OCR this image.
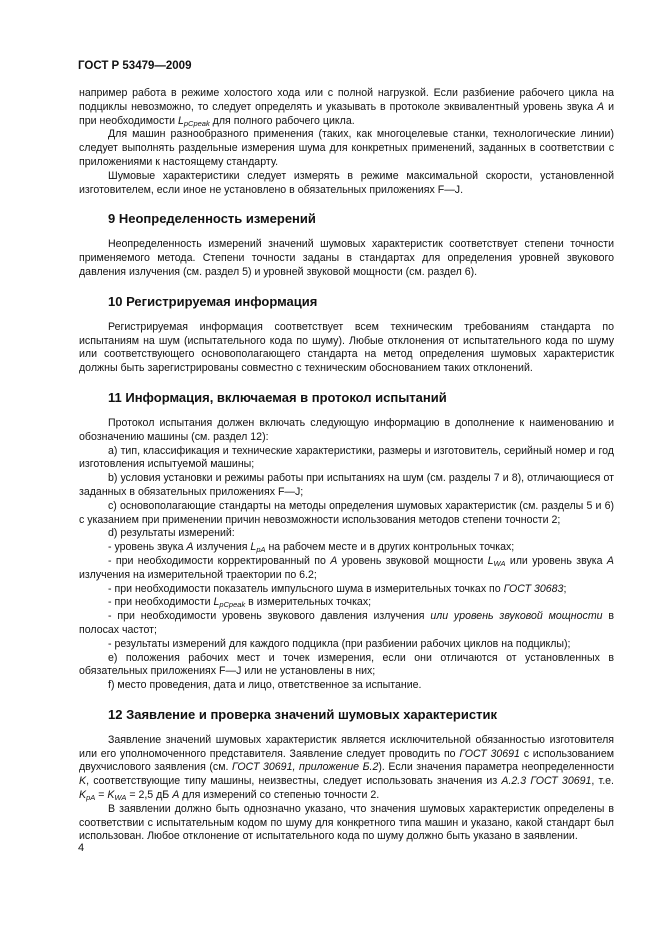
ГОСТ Р 53479—2009

например работа в режиме холостого хода или с полной нагрузкой. Если разбиение рабочего цикла на подциклы невозможно, то следует определять и указывать в протоколе эквивалентный уровень звука A и при необходимости $L_{pCpeak}$ для полного рабочего цикла.

Для машин разнообразного применения (таких, как многоцелевые станки, технологические линии) следует выполнять раздельные измерения шума для конкретных применений, заданных в соответствии с приложениями к настоящему стандарту.

Шумовые характеристики следует измерять в режиме максимальной скорости, установленной изготовителем, если иное не установлено в обязательных приложениях F—J.

9 Неопределенность измерений

Неопределенность измерений значений шумовых характеристик соответствует степени точности применяемого метода. Степени точности заданы в стандартах для определения уровней звукового давления излучения (см. раздел 5) и уровней звуковой мощности (см. раздел 6).

10 Регистрируемая информация

Регистрируемая информация соответствует всем техническим требованиям стандарта по испытаниям на шум (испытательного кода по шуму). Любые отклонения от испытательного кода по шуму или соответствующего основополагающего стандарта на метод определения шумовых характеристик должны быть зарегистрированы совместно с техническим обоснованием таких отклонений.

11 Информация, включаемая в протокол испытаний

Протокол испытания должен включать следующую информацию в дополнение к наименованию и обозначению машины (см. раздел 12):

а) тип, классификация и технические характеристики, размеры и изготовитель, серийный номер и год изготовления испытуемой машины;

b) условия установки и режимы работы при испытаниях на шум (см. разделы 7 и 8), отличающиеся от заданных в обязательных приложениях F—J;

с) основополагающие стандарты на методы определения шумовых характеристик (см. разделы 5 и 6) с указанием при применении причин невозможности использования методов степени точности 2;

d) результаты измерений:

- уровень звука A излучения $L_{pA}$ на рабочем месте и в других контрольных точках;

- при необходимости корректированный по A уровень звуковой мощности $L_{WA}$ или уровень звука A излучения на измерительной траектории по 6.2;

- при необходимости показатель импульсного шума в измерительных точках по ГОСТ 30683;

- при необходимости $L_{pCpeak}$ в измерительных точках;

- при необходимости уровень звукового давления излучения или уровень звуковой мощности в полосах частот;

- результаты измерений для каждого подцикла (при разбиении рабочих циклов на подциклы);

е) положения рабочих мест и точек измерения, если они отличаются от установленных в обязательных приложениях F—J или не установлены в них;

f) место проведения, дата и лицо, ответственное за испытание.

12 Заявление и проверка значений шумовых характеристик

Заявление значений шумовых характеристик является исключительной обязанностью изготовителя или его уполномоченного представителя. Заявление следует проводить по ГОСТ 30691 с использованием двухчислового заявления (см. ГОСТ 30691, приложение Б.2). Если значения параметра неопределенности K, соответствующие типу машины, неизвестны, следует использовать значения из А.2.3 ГОСТ 30691, т.е. $K_{pA} = K_{WA} = 2,5$ дБ A для измерений со степенью точности 2.

В заявлении должно быть однозначно указано, что значения шумовых характеристик определены в соответствии с испытательным кодом по шуму для конкретного типа машин и указано, какой стандарт был использован. Любое отклонение от испытательного кода по шуму должно быть указано в заявлении.

4
